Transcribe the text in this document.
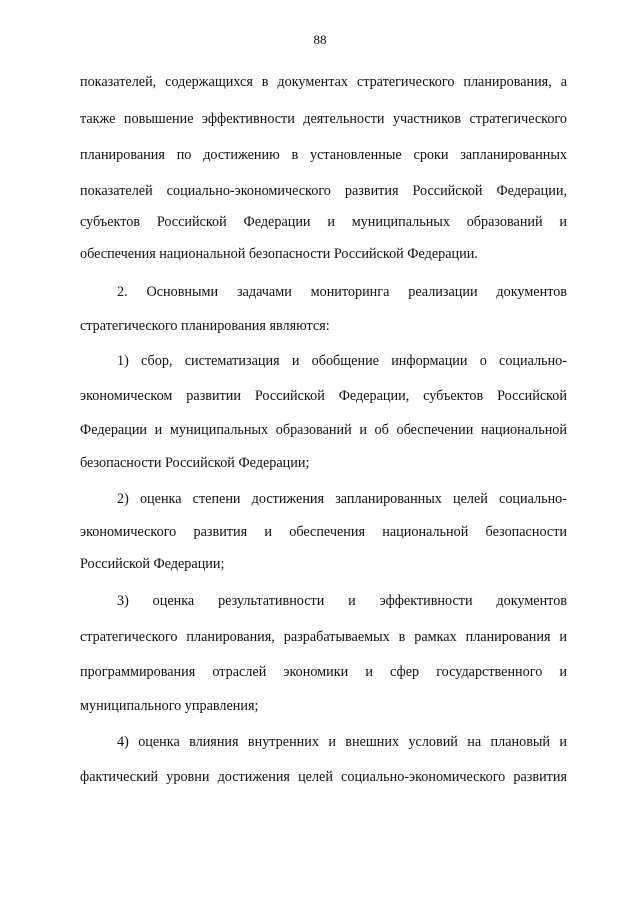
88
показателей, содержащихся в документах стратегического планирования, а
также повышение эффективности деятельности участников стратегического
планирования по достижению в установленные сроки запланированных
показателей социально-экономического развития Российской Федерации,
субъектов Российской Федерации и муниципальных образований и
обеспечения национальной безопасности Российской Федерации.
2. Основными задачами мониторинга реализации документов
стратегического планирования являются:
1) сбор, систематизация и обобщение информации о социально-
экономическом развитии Российской Федерации, субъектов Российской
Федерации и муниципальных образований и об обеспечении национальной
безопасности Российской Федерации;
2) оценка степени достижения запланированных целей социально-
экономического развития и обеспечения национальной безопасности
Российской Федерации;
3) оценка результативности и эффективности документов
стратегического планирования, разрабатываемых в рамках планирования и
программирования отраслей экономики и сфер государственного и
муниципального управления;
4) оценка влияния внутренних и внешних условий на плановый и
фактический уровни достижения целей социально-экономического развития
